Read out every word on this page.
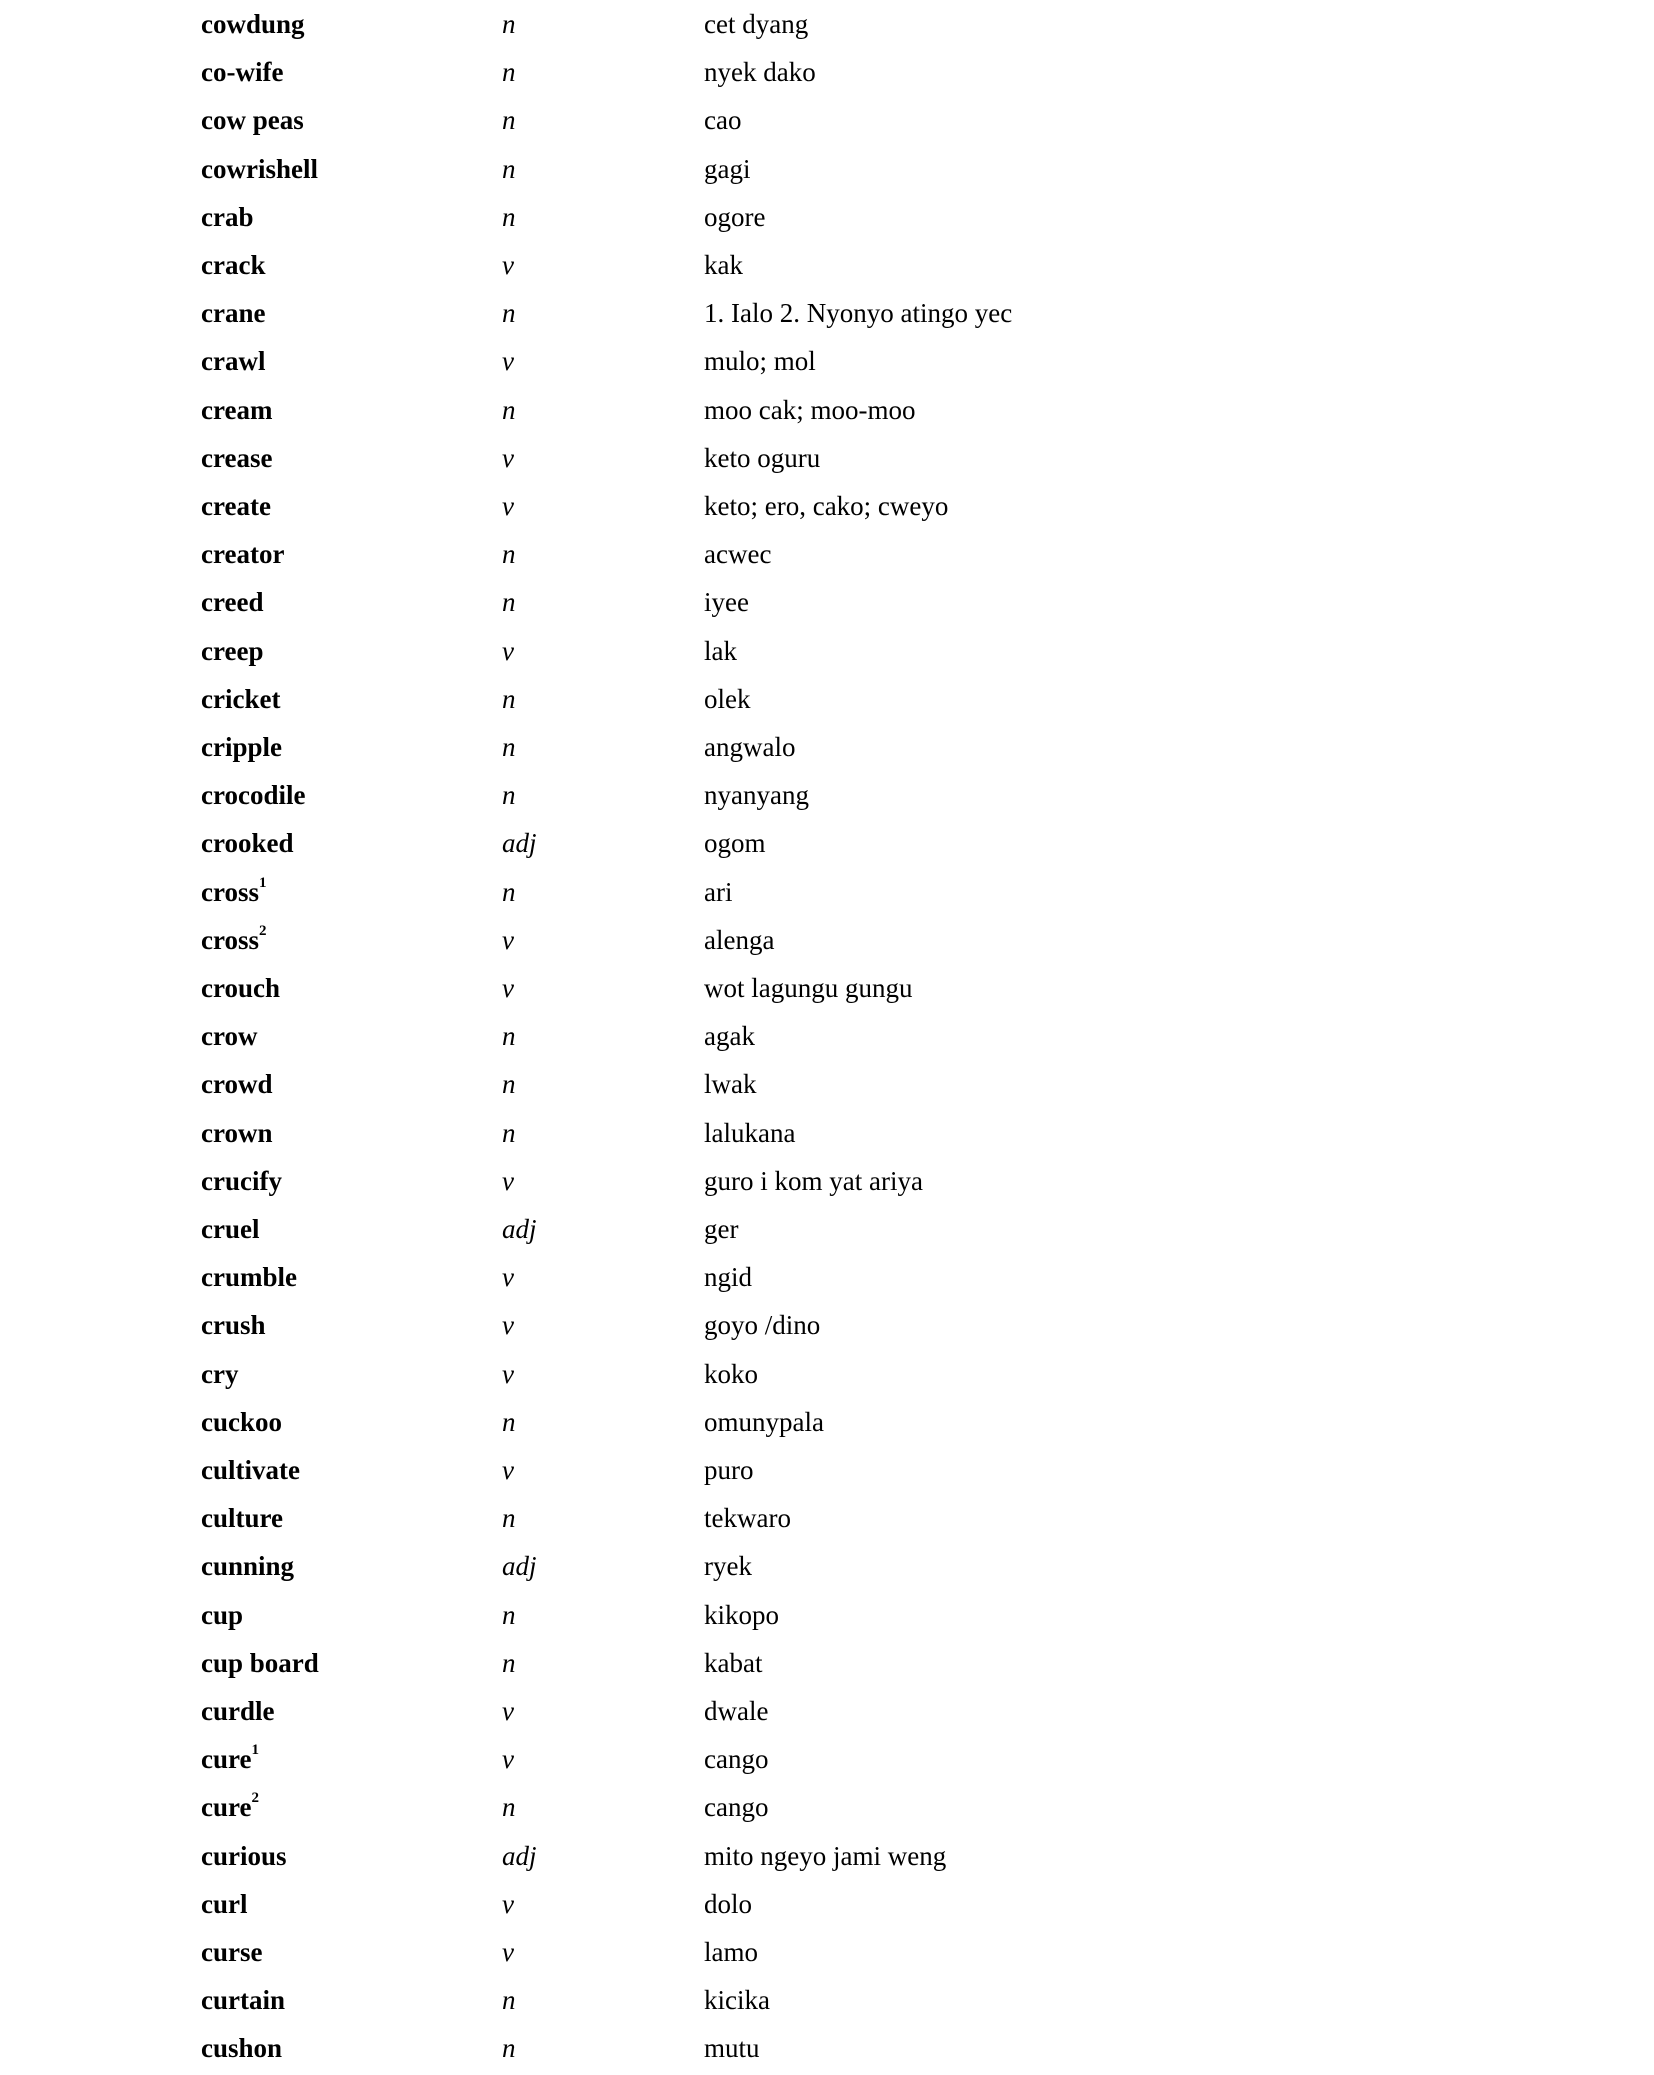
cowdung	n	cet dyang
co-wife	n	nyek dako
cow peas	n	cao
cowrishell	n	gagi
crab	n	ogore
crack	v	kak
crane	n	1. Ialo 2. Nyonyo atingo yec
crawl	v	mulo; mol
cream	n	moo cak; moo-moo
crease	v	keto oguru
create	v	keto; ero, cako; cweyo
creator	n	acwec
creed	n	iyee
creep	v	lak
cricket	n	olek
cripple	n	angwalo
crocodile	n	nyanyang
crooked	adj	ogom
cross$^1$	n	ari
cross$^2$	v	alenga
crouch	v	wot lagungu gungu
crow	n	agak
crowd	n	lwak
crown	n	lalukana
crucify	v	guro i kom yat ariya
cruel	adj	ger
crumble	v	ngid
crush	v	goyo /dino
cry	v	koko
cuckoo	n	omunypala
cultivate	v	puro
culture	n	tekwaro
cunning	adj	ryek
cup	n	kikopo
cup board	n	kabat
curdle	v	dwale
cure$^1$	v	cango
cure$^2$	n	cango
curious	adj	mito ngeyo jami weng
curl	v	dolo
curse	v	lamo
curtain	n	kicika
cushon	n	mutu
